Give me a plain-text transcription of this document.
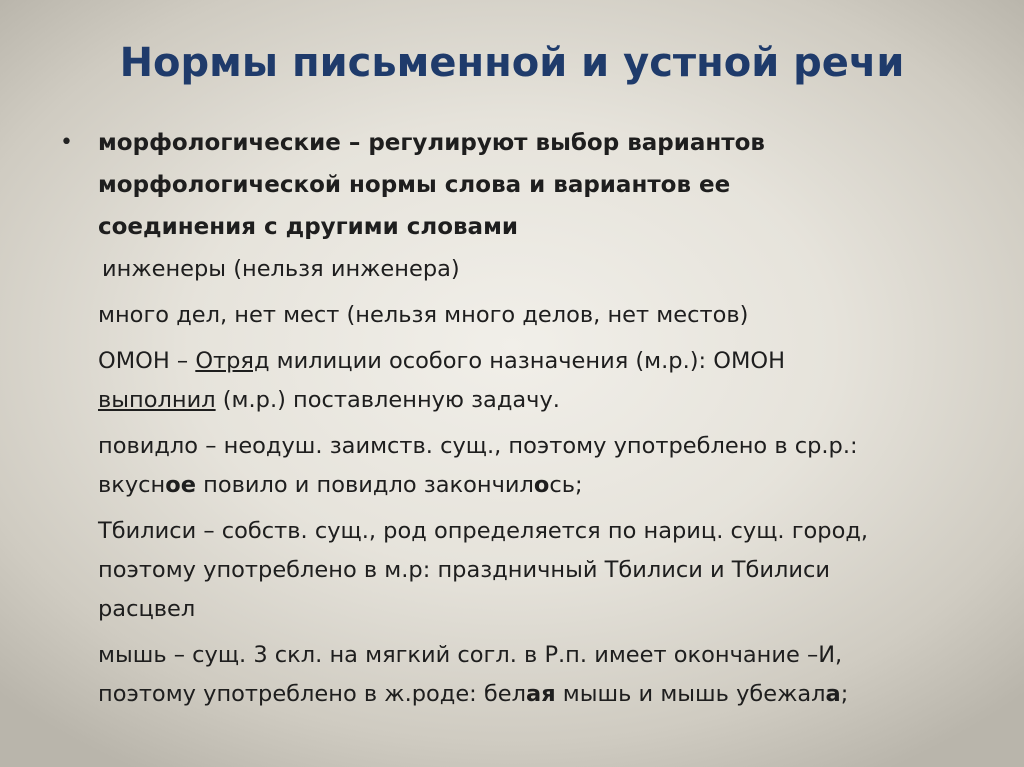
Нормы письменной и устной речи
•	морфологические – регулируют выбор вариантов
морфологической нормы слова и вариантов ее
соединения с другими словами
инженеры (нельзя инженера)
много дел, нет мест (нельзя много делов, нет местов)
ОМОН – Отряд милиции особого назначения (м.р.): ОМОН
выполнил (м.р.) поставленную задачу.
повидло – неодуш. заимств. сущ., поэтому употреблено в ср.р.:
вкусное повило и повидло закончилось;
Тбилиси – собств. сущ., род определяется по нариц. сущ. город,
поэтому употреблено в м.р: праздничный Тбилиси и Тбилиси
расцвел
мышь – сущ. 3 скл. на мягкий согл. в Р.п. имеет окончание –И,
поэтому употреблено в ж.роде: белая мышь и мышь убежала;
